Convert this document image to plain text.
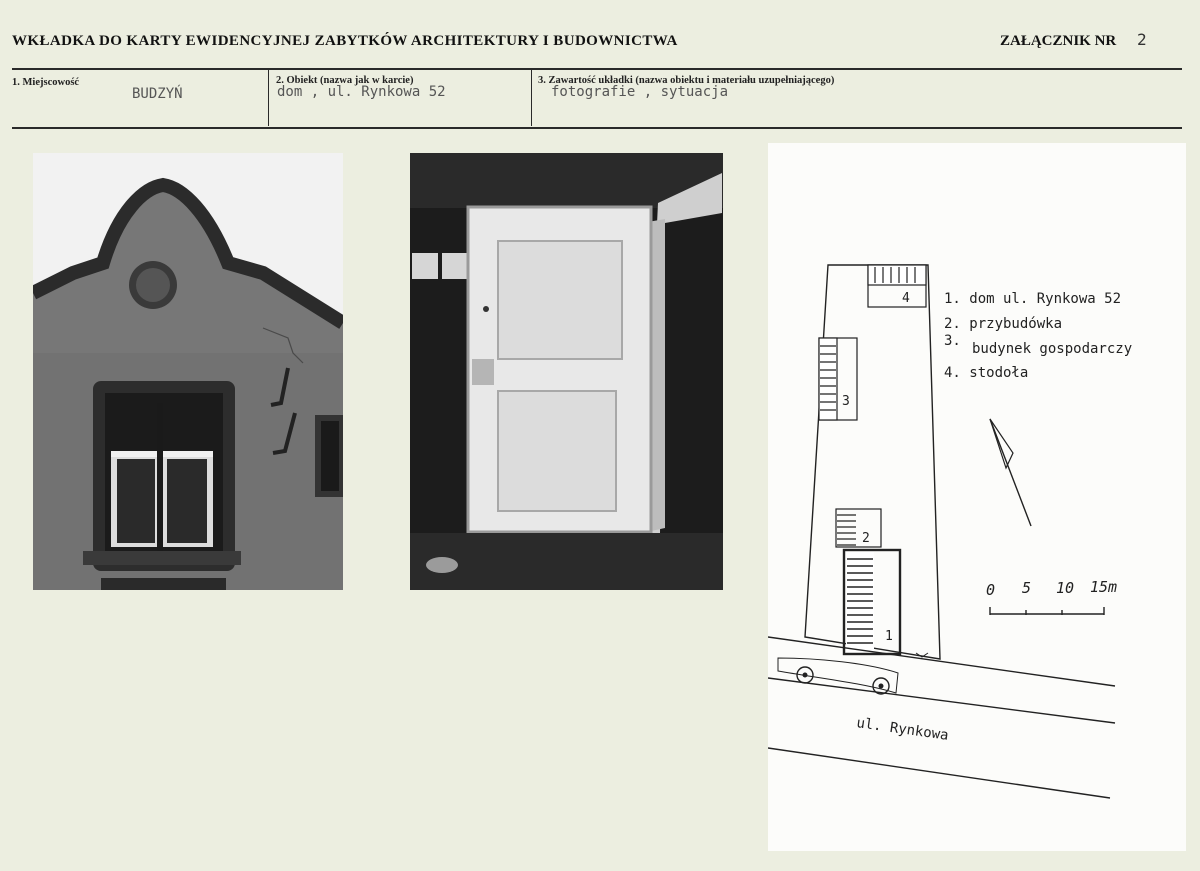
WKŁADKA DO KARTY EWIDENCYJNEJ ZABYTKÓW ARCHITEKTURY I BUDOWNICTWA	ZAŁĄCZNIK NR 2
1. Miejscowość
BUDZYŃ
2. Obiekt (nazwa jak w karcie)
dom , ul. Rynkowa 52
3. Zawartość układki (nazwa obiektu i materiału uzupełniającego)
fotografie , sytuacja
4
3
2
1
1. dom ul. Rynkowa 52
2. przybudówka
3. budynek gospodarczy
4. stodoła
0 5 10 15m
ul. Rynkowa
